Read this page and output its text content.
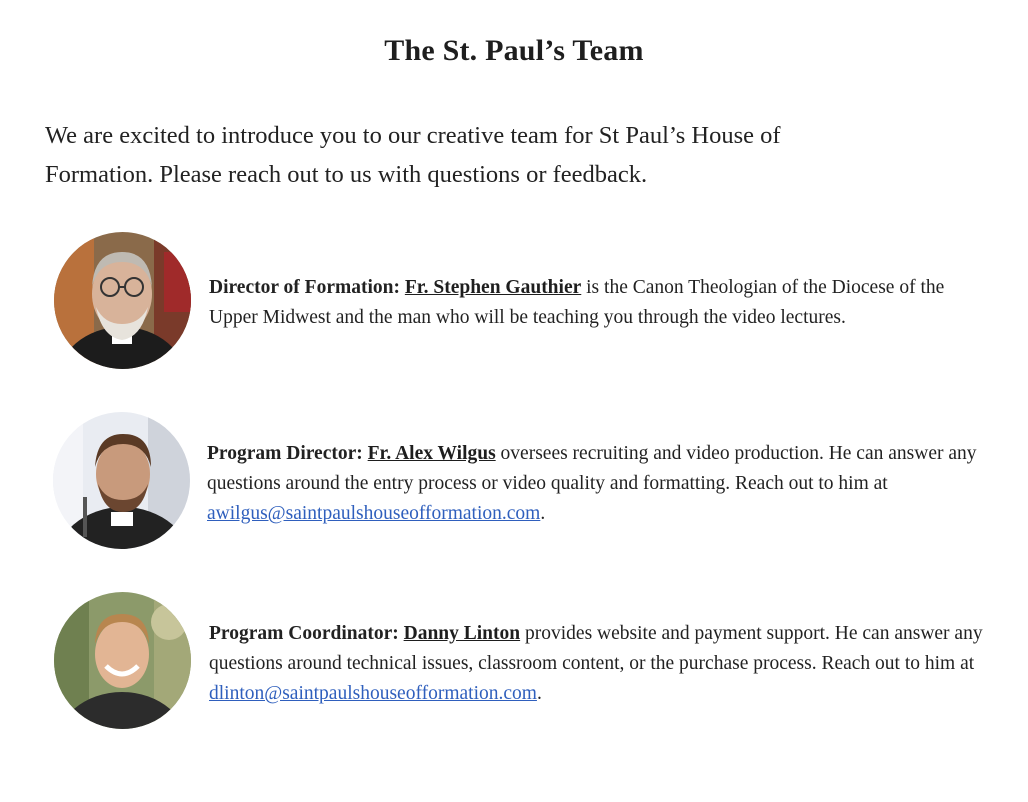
The St. Paul’s Team
We are excited to introduce you to our creative team for St Paul’s House of
Formation. Please reach out to us with questions or feedback.
Director of Formation: Fr. Stephen Gauthier is the Canon Theologian of the Diocese of the Upper Midwest and the man who will be teaching you through the video lectures.
Program Director: Fr. Alex Wilgus oversees recruiting and video production. He can answer any questions around the entry process or video quality and formatting. Reach out to him at awilgus@saintpaulshouseofformation.com.
Program Coordinator: Danny Linton provides website and payment support. He can answer any questions around technical issues, classroom content, or the purchase process. Reach out to him at dlinton@saintpaulshouseofformation.com.
